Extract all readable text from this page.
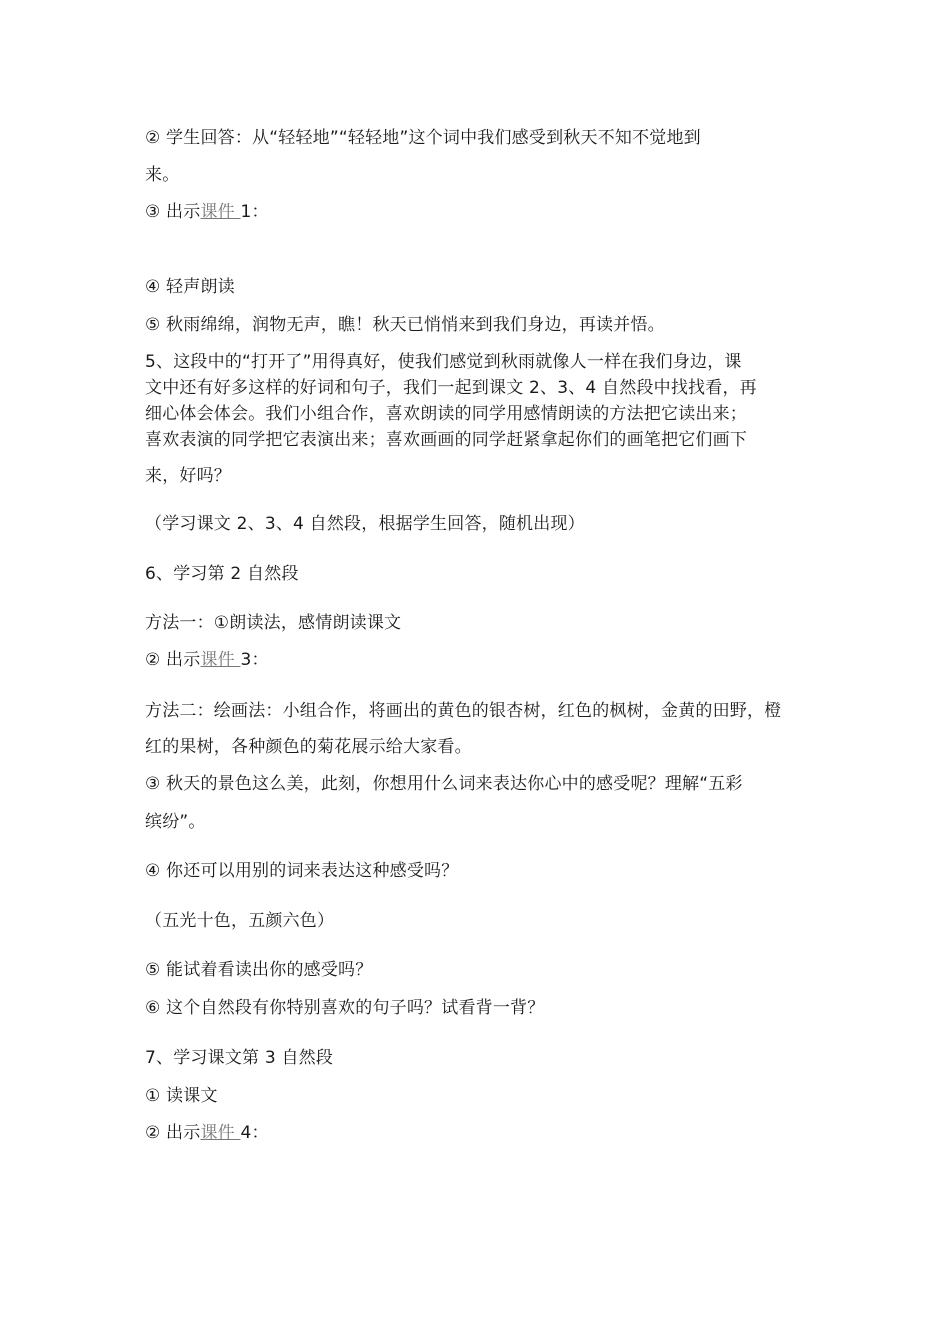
② 学生回答：从“轻轻地”“轻轻地”这个词中我们感受到秋天不知不觉地到
来。
③ 出示课件 1：
④ 轻声朗读
⑤ 秋雨绵绵，润物无声，瞧！秋天已悄悄来到我们身边，再读并悟。
5、这段中的“打开了”用得真好，使我们感觉到秋雨就像人一样在我们身边，课
文中还有好多这样的好词和句子，我们一起到课文 2、3、4 自然段中找找看，再
细心体会体会。我们小组合作，喜欢朗读的同学用感情朗读的方法把它读出来；
喜欢表演的同学把它表演出来；喜欢画画的同学赶紧拿起你们的画笔把它们画下
来，好吗？
（学习课文 2、3、4 自然段，根据学生回答，随机出现）
6、学习第 2 自然段
方法一：①朗读法，感情朗读课文
② 出示课件 3：
方法二：绘画法：小组合作，将画出的黄色的银杏树，红色的枫树，金黄的田野，橙
红的果树，各种颜色的菊花展示给大家看。
③ 秋天的景色这么美，此刻，你想用什么词来表达你心中的感受呢？理解“五彩
缤纷”。
④ 你还可以用别的词来表达这种感受吗？
（五光十色，五颜六色）
⑤ 能试着看读出你的感受吗？
⑥ 这个自然段有你特别喜欢的句子吗？试看背一背？
7、学习课文第 3 自然段
① 读课文
② 出示课件 4：
